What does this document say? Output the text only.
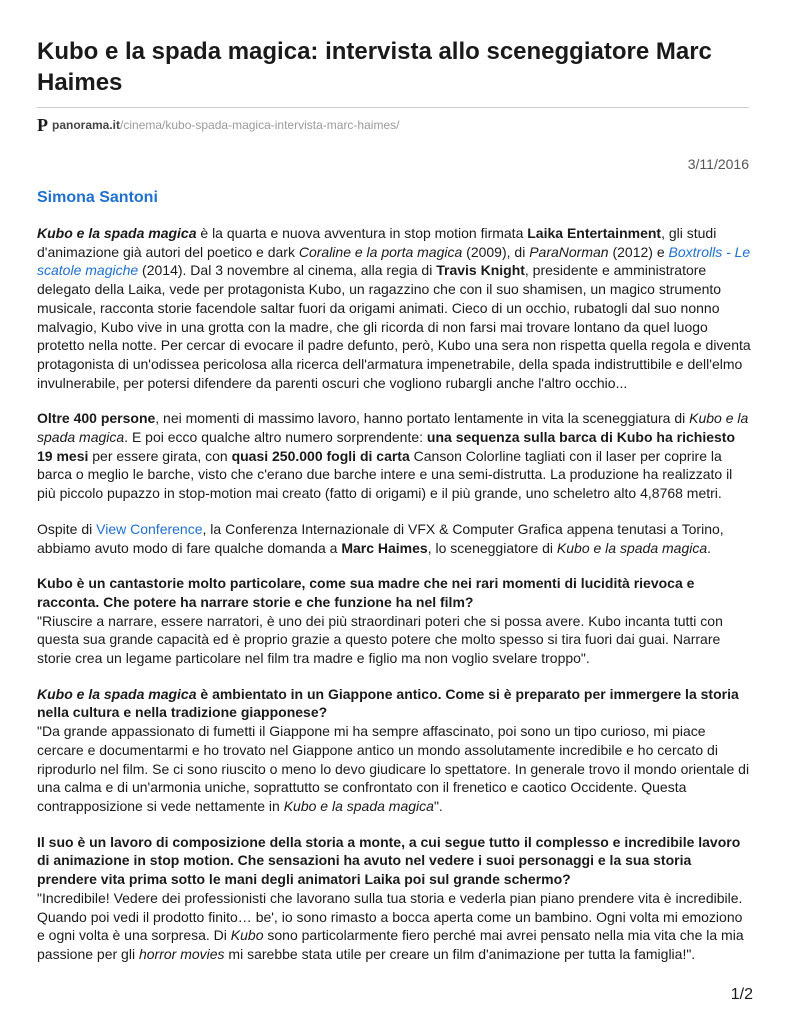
Kubo e la spada magica: intervista allo sceneggiatore Marc Haimes
P panorama.it /cinema/kubo-spada-magica-intervista-marc-haimes/
3/11/2016
Simona Santoni

Kubo e la spada magica è la quarta e nuova avventura in stop motion firmata Laika Entertainment, gli studi d'animazione già autori del poetico e dark Coraline e la porta magica (2009), di ParaNorman (2012) e Boxtrolls - Le scatole magiche (2014). Dal 3 novembre al cinema, alla regia di Travis Knight, presidente e amministratore delegato della Laika, vede per protagonista Kubo, un ragazzino che con il suo shamisen, un magico strumento musicale, racconta storie facendole saltar fuori da origami animati. Cieco di un occhio, rubatogli dal suo nonno malvagio, Kubo vive in una grotta con la madre, che gli ricorda di non farsi mai trovare lontano da quel luogo protetto nella notte. Per cercar di evocare il padre defunto, però, Kubo una sera non rispetta quella regola e diventa protagonista di un'odissea pericolosa alla ricerca dell'armatura impenetrabile, della spada indistruttibile e dell'elmo invulnerabile, per potersi difendere da parenti oscuri che vogliono rubargli anche l'altro occhio...

Oltre 400 persone, nei momenti di massimo lavoro, hanno portato lentamente in vita la sceneggiatura di Kubo e la spada magica. E poi ecco qualche altro numero sorprendente: una sequenza sulla barca di Kubo ha richiesto 19 mesi per essere girata, con quasi 250.000 fogli di carta Canson Colorline tagliati con il laser per coprire la barca o meglio le barche, visto che c'erano due barche intere e una semi-distrutta. La produzione ha realizzato il più piccolo pupazzo in stop-motion mai creato (fatto di origami) e il più grande, uno scheletro alto 4,8768 metri.

Ospite di View Conference, la Conferenza Internazionale di VFX & Computer Grafica appena tenutasi a Torino, abbiamo avuto modo di fare qualche domanda a Marc Haimes, lo sceneggiatore di Kubo e la spada magica.

Kubo è un cantastorie molto particolare, come sua madre che nei rari momenti di lucidità rievoca e racconta. Che potere ha narrare storie e che funzione ha nel film?

"Riuscire a narrare, essere narratori, è uno dei più straordinari poteri che si possa avere. Kubo incanta tutti con questa sua grande capacità ed è proprio grazie a questo potere che molto spesso si tira fuori dai guai. Narrare storie crea un legame particolare nel film tra madre e figlio ma non voglio svelare troppo".

Kubo e la spada magica è ambientato in un Giappone antico. Come si è preparato per immergere la storia nella cultura e nella tradizione giapponese?

"Da grande appassionato di fumetti il Giappone mi ha sempre affascinato, poi sono un tipo curioso, mi piace cercare e documentarmi e ho trovato nel Giappone antico un mondo assolutamente incredibile e ho cercato di riprodurlo nel film. Se ci sono riuscito o meno lo devo giudicare lo spettatore. In generale trovo il mondo orientale di una calma e di un'armonia uniche, soprattutto se confrontato con il frenetico e caotico Occidente. Questa contrapposizione si vede nettamente in Kubo e la spada magica".

Il suo è un lavoro di composizione della storia a monte, a cui segue tutto il complesso e incredibile lavoro di animazione in stop motion. Che sensazioni ha avuto nel vedere i suoi personaggi e la sua storia prendere vita prima sotto le mani degli animatori Laika poi sul grande schermo?

"Incredibile! Vedere dei professionisti che lavorano sulla tua storia e vederla pian piano prendere vita è incredibile. Quando poi vedi il prodotto finito… be', io sono rimasto a bocca aperta come un bambino. Ogni volta mi emoziono e ogni volta è una sorpresa. Di Kubo sono particolarmente fiero perché mai avrei pensato nella mia vita che la mia passione per gli horror movies mi sarebbe stata utile per creare un film d'animazione per tutta la famiglia!".

1/2
